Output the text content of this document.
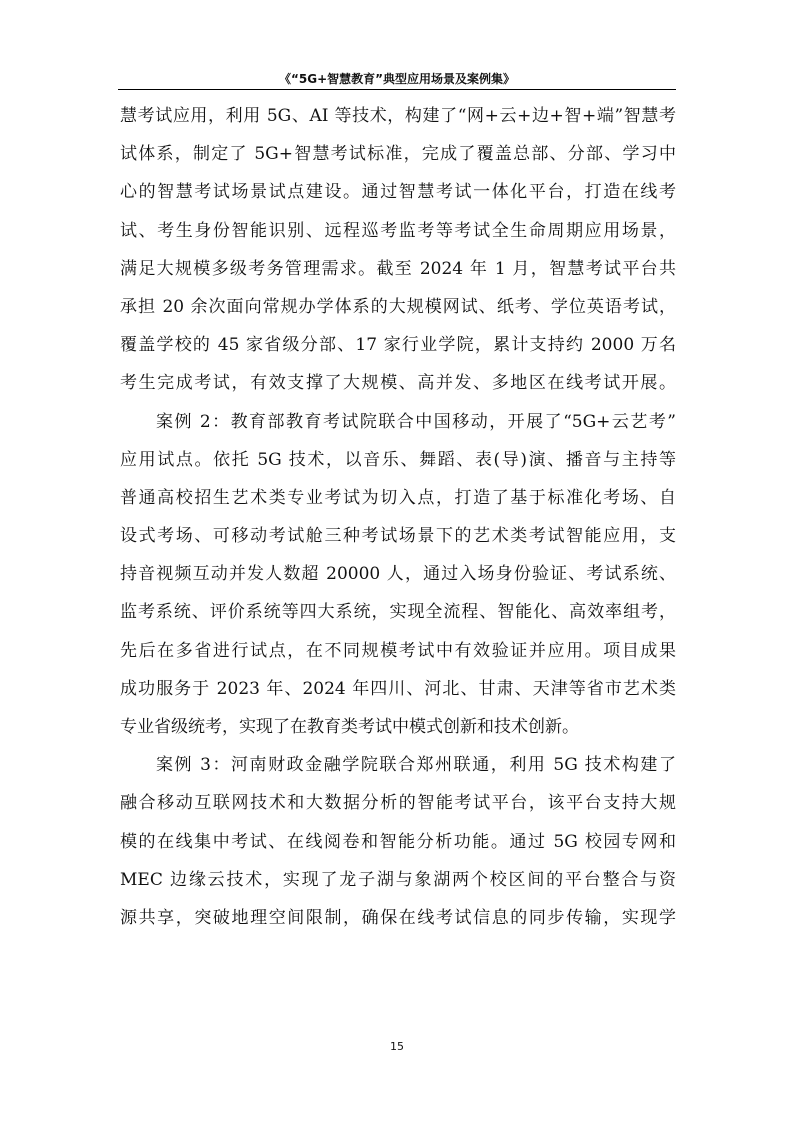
《“5G+智慧教育”典型应用场景及案例集》
慧考试应用，利用 5G、AI 等技术，构建了“网+云+边+智+端”智慧考
试体系，制定了 5G+智慧考试标准，完成了覆盖总部、分部、学习中
心的智慧考试场景试点建设。通过智慧考试一体化平台，打造在线考
试、考生身份智能识别、远程巡考监考等考试全生命周期应用场景，
满足大规模多级考务管理需求。截至 2024 年 1 月，智慧考试平台共
承担 20 余次面向常规办学体系的大规模网试、纸考、学位英语考试，
覆盖学校的 45 家省级分部、17 家行业学院，累计支持约 2000 万名
考生完成考试，有效支撑了大规模、高并发、多地区在线考试开展。
案例 2：教育部教育考试院联合中国移动，开展了“5G+云艺考”
应用试点。依托 5G 技术，以音乐、舞蹈、表(导)演、播音与主持等
普通高校招生艺术类专业考试为切入点，打造了基于标准化考场、自
设式考场、可移动考试舱三种考试场景下的艺术类考试智能应用，支
持音视频互动并发人数超 20000 人，通过入场身份验证、考试系统、
监考系统、评价系统等四大系统，实现全流程、智能化、高效率组考，
先后在多省进行试点，在不同规模考试中有效验证并应用。项目成果
成功服务于 2023 年、2024 年四川、河北、甘肃、天津等省市艺术类
专业省级统考，实现了在教育类考试中模式创新和技术创新。
案例 3：河南财政金融学院联合郑州联通，利用 5G 技术构建了
融合移动互联网技术和大数据分析的智能考试平台，该平台支持大规
模的在线集中考试、在线阅卷和智能分析功能。通过 5G 校园专网和
MEC 边缘云技术，实现了龙子湖与象湖两个校区间的平台整合与资
源共享，突破地理空间限制，确保在线考试信息的同步传输，实现学
15
